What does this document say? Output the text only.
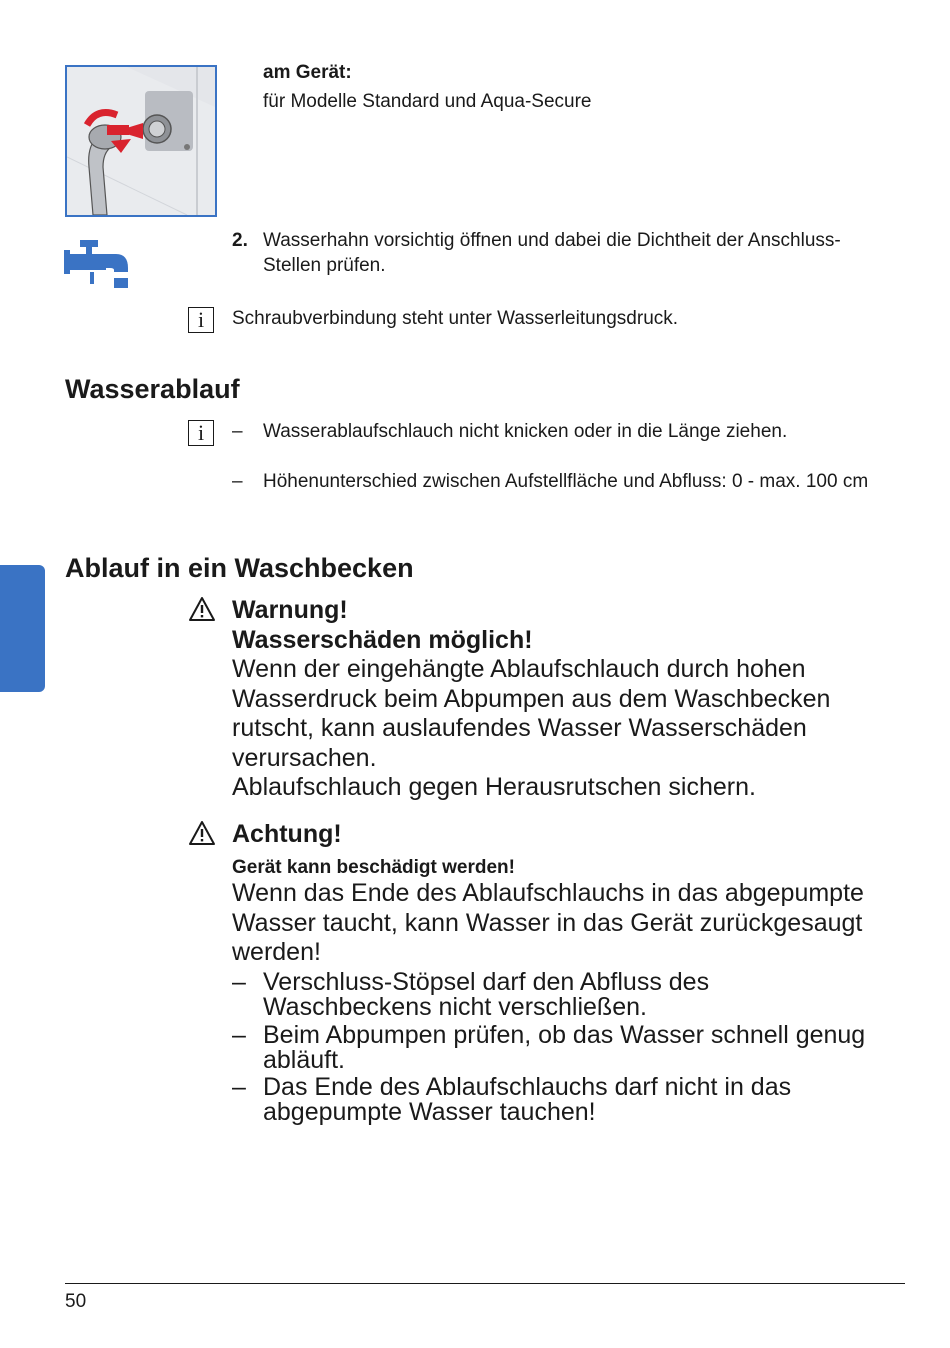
am Gerät:
für Modelle Standard und Aqua-Secure
2. Wasserhahn vorsichtig öffnen und dabei die Dichtheit der Anschluss-Stellen prüfen.
i	Schraubverbindung steht unter Wasserleitungsdruck.
Wasserablauf
i	– Wasserablaufschlauch nicht knicken oder in die Länge ziehen.
– Höhenunterschied zwischen Aufstellfläche und Abfluss: 0 - max. 100 cm
Ablauf in ein Waschbecken
Warnung!
Wasserschäden möglich!
Wenn der eingehängte Ablaufschlauch durch hohen Wasserdruck beim Abpumpen aus dem Waschbecken rutscht, kann auslaufendes Wasser Wasserschäden verursachen.
Ablaufschlauch gegen Herausrutschen sichern.
Achtung!
Gerät kann beschädigt werden!
Wenn das Ende des Ablaufschlauchs in das abgepumpte Wasser taucht, kann Wasser in das Gerät zurückgesaugt werden!
– Verschluss-Stöpsel darf den Abfluss des Waschbeckens nicht verschließen.
– Beim Abpumpen prüfen, ob das Wasser schnell genug abläuft.
– Das Ende des Ablaufschlauchs darf nicht in das abgepumpte Wasser tauchen!
50
